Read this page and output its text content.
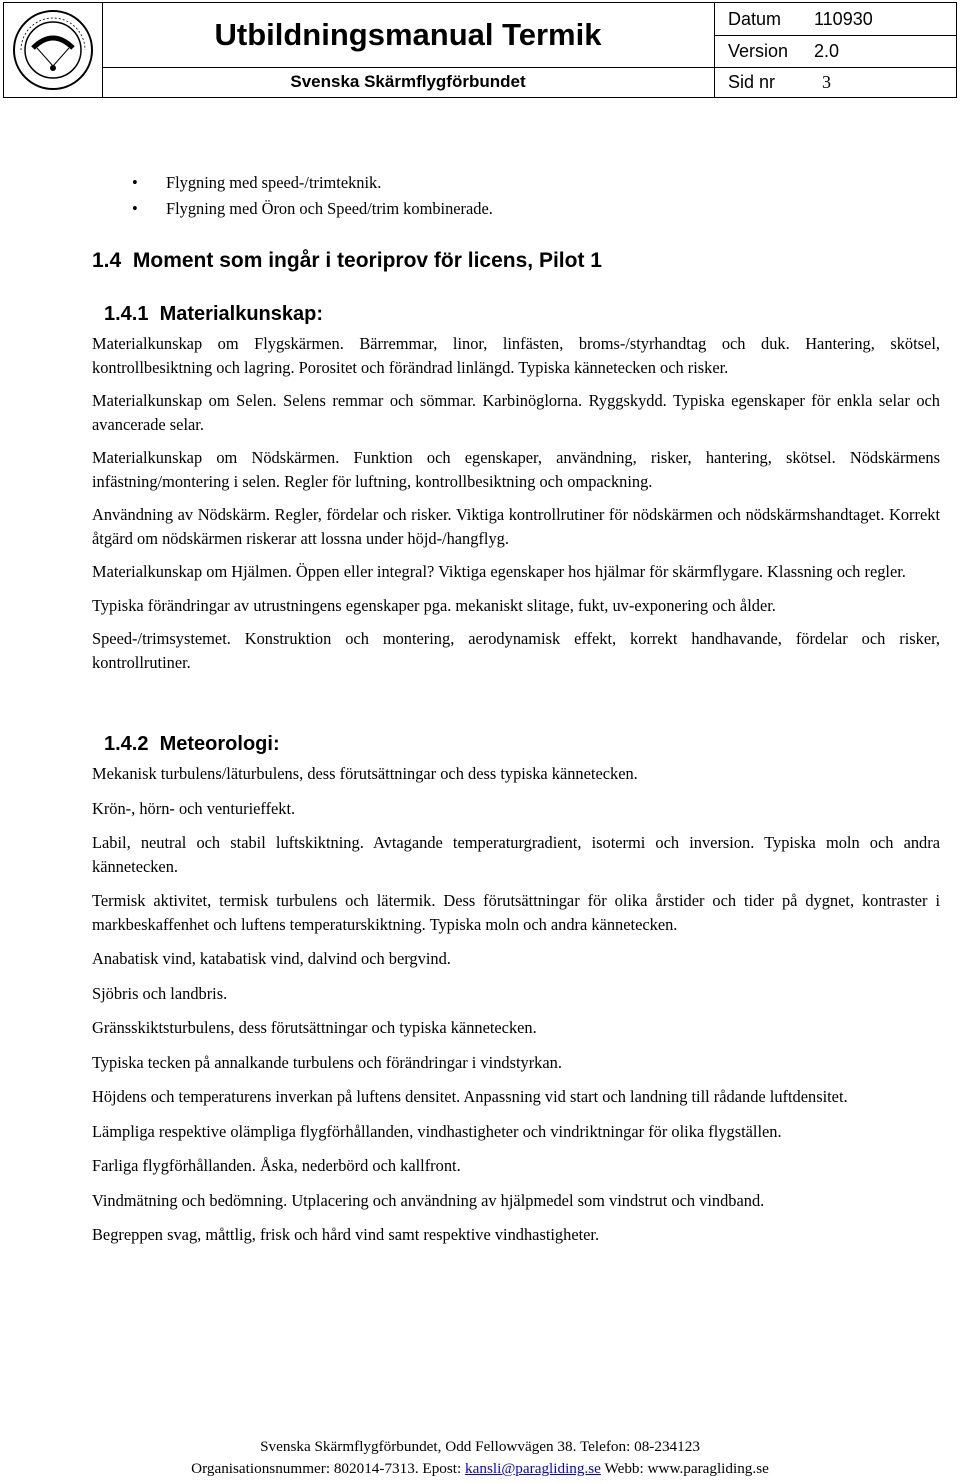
Utbildningsmanual Termik
Svenska Skärmflygförbundet
Datum 110930
Version 2.0
Sid nr	3
• Flygning med speed-/trimteknik.
• Flygning med Öron och Speed/trim kombinerade.
1.4 Moment som ingår i teoriprov för licens, Pilot 1
1.4.1 Materialkunskap:

Materialkunskap om Flygskärmen. Bärremmar, linor, linfästen, broms-/styrhandtag och duk. Hantering, skötsel, kontrollbesiktning och lagring. Porositet och förändrad linlängd. Typiska kännetecken och risker.

Materialkunskap om Selen. Selens remmar och sömmar. Karbinöglorna. Ryggskydd. Typiska egenskaper för enkla selar och avancerade selar.

Materialkunskap om Nödskärmen. Funktion och egenskaper, användning, risker, hantering, skötsel. Nödskärmens infästning/montering i selen. Regler för luftning, kontrollbesiktning och ompackning.

Användning av Nödskärm. Regler, fördelar och risker. Viktiga kontrollrutiner för nödskärmen och nödskärmshandtaget. Korrekt åtgärd om nödskärmen riskerar att lossna under höjd-/hangflyg.

Materialkunskap om Hjälmen. Öppen eller integral? Viktiga egenskaper hos hjälmar för skärmflygare. Klassning och regler.

Typiska förändringar av utrustningens egenskaper pga. mekaniskt slitage, fukt, uv-exponering och ålder.

Speed-/trimsystemet. Konstruktion och montering, aerodynamisk effekt, korrekt handhavande, fördelar och risker, kontrollrutiner.

1.4.2 Meteorologi:

Mekanisk turbulens/läturbulens, dess förutsättningar och dess typiska kännetecken.

Krön-, hörn- och venturieffekt.

Labil, neutral och stabil luftskiktning. Avtagande temperaturgradient, isotermi och inversion. Typiska moln och andra kännetecken.

Termisk aktivitet, termisk turbulens och lätermik. Dess förutsättningar för olika årstider och tider på dygnet, kontraster i markbeskaffenhet och luftens temperaturskiktning. Typiska moln och andra kännetecken.

Anabatisk vind, katabatisk vind, dalvind och bergvind.

Sjöbris och landbris.

Gränsskiktsturbulens, dess förutsättningar och typiska kännetecken.

Typiska tecken på annalkande turbulens och förändringar i vindstyrkan.

Höjdens och temperaturens inverkan på luftens densitet. Anpassning vid start och landning till rådande luftdensitet.

Lämpliga respektive olämpliga flygförhållanden, vindhastigheter och vindriktningar för olika flygställen.

Farliga flygförhållanden. Åska, nederbörd och kallfront.

Vindmätning och bedömning. Utplacering och användning av hjälpmedel som vindstrut och vindband.

Begreppen svag, måttlig, frisk och hård vind samt respektive vindhastigheter.

Svenska Skärmflygförbundet, Odd Fellowvägen 38. Telefon: 08-234123
Organisationsnummer: 802014-7313. Epost: kansli@paragliding.se Webb: www.paragliding.se
